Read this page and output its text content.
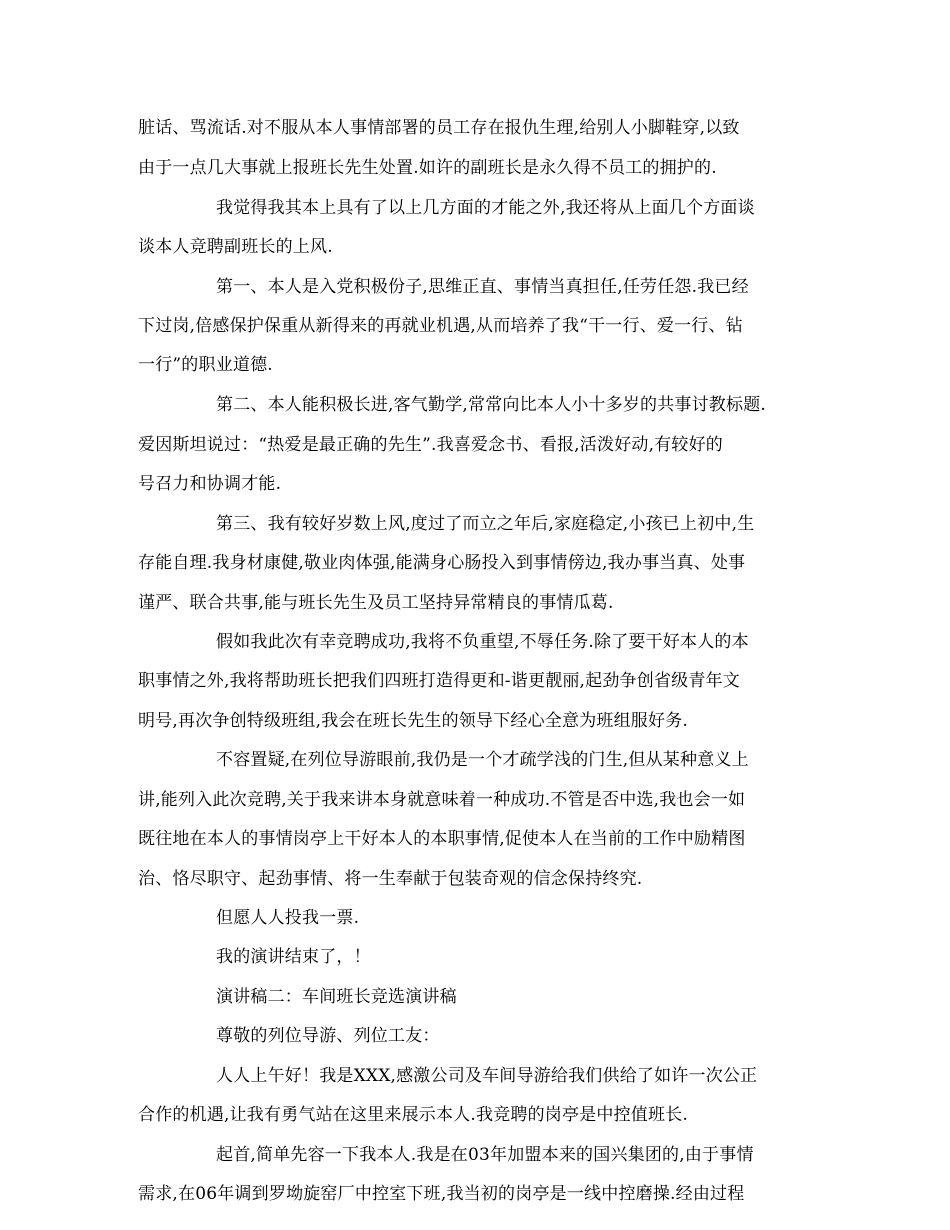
脏话、骂流话.对不服从本人事情部署的员工存在报仇生理,给别人小脚鞋穿,以致
由于一点几大事就上报班长先生处置.如许的副班长是永久得不员工的拥护的.
我觉得我其本上具有了以上几方面的才能之外,我还将从上面几个方面谈
谈本人竞聘副班长的上风.
第一、本人是入党积极份子,思维正直、事情当真担任,任劳任怨.我已经
下过岗,倍感保护保重从新得来的再就业机遇,从而培养了我“干一行、爱一行、钻
一行”的职业道德.
第二、本人能积极长进,客气勤学,常常向比本人小十多岁的共事讨教标题.
爱因斯坦说过：“热爱是最正确的先生”.我喜爱念书、看报,活泼好动,有较好的
号召力和协调才能.
第三、我有较好岁数上风,度过了而立之年后,家庭稳定,小孩已上初中,生
存能自理.我身材康健,敬业肉体强,能满身心肠投入到事情傍边,我办事当真、处事
谨严、联合共事,能与班长先生及员工坚持异常精良的事情瓜葛.
假如我此次有幸竞聘成功,我将不负重望,不辱任务.除了要干好本人的本
职事情之外,我将帮助班长把我们四班打造得更和-谐更靓丽,起劲争创省级青年文
明号,再次争创特级班组,我会在班长先生的领导下经心全意为班组服好务.
不容置疑,在列位导游眼前,我仍是一个才疏学浅的门生,但从某种意义上
讲,能列入此次竞聘,关于我来讲本身就意味着一种成功.不管是否中选,我也会一如
既往地在本人的事情岗亭上干好本人的本职事情,促使本人在当前的工作中励精图
治、恪尽职守、起劲事情、将一生奉献于包装奇观的信念保持终究.
但愿人人投我一票.
我的演讲结束了，！
演讲稿二：车间班长竞选演讲稿
尊敬的列位导游、列位工友：
人人上午好！我是XXX,感激公司及车间导游给我们供给了如许一次公正
合作的机遇,让我有勇气站在这里来展示本人.我竞聘的岗亭是中控值班长.
起首,简单先容一下我本人.我是在03年加盟本来的国兴集团的,由于事情
需求,在06年调到罗坳旋窑厂中控室下班,我当初的岗亭是一线中控磨操.经由过程
